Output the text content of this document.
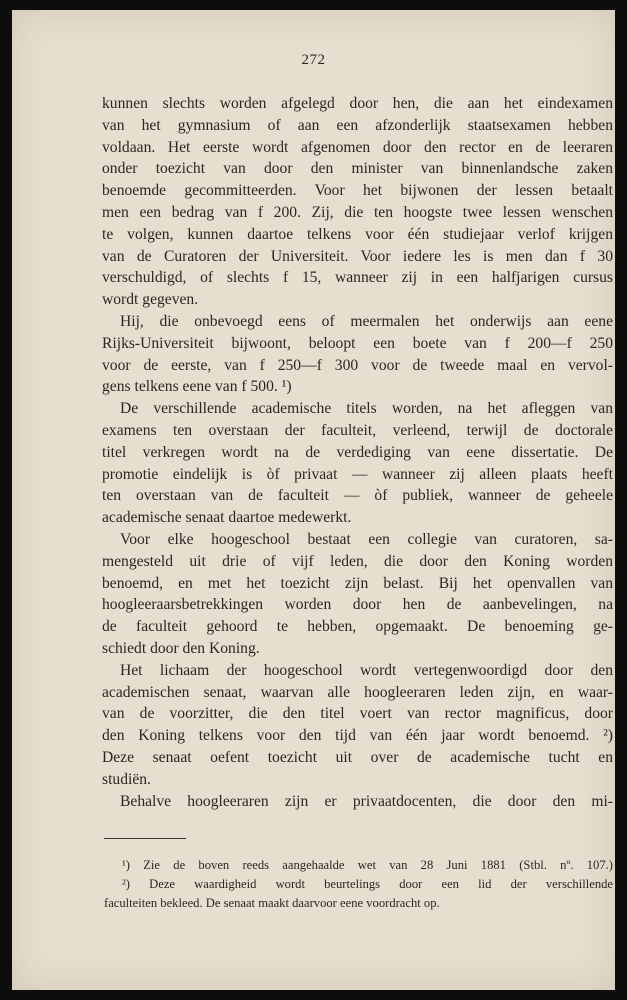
272
kunnen slechts worden afgelegd door hen, die aan het eindexamen
van het gymnasium of aan een afzonderlijk staatsexamen hebben
voldaan. Het eerste wordt afgenomen door den rector en de leeraren
onder toezicht van door den minister van binnenlandsche zaken
benoemde gecommitteerden. Voor het bijwonen der lessen betaalt
men een bedrag van f 200. Zij, die ten hoogste twee lessen wenschen
te volgen, kunnen daartoe telkens voor één studiejaar verlof krijgen
van de Curatoren der Universiteit. Voor iedere les is men dan f 30
verschuldigd, of slechts f 15, wanneer zij in een halfjarigen cursus
wordt gegeven.
Hij, die onbevoegd eens of meermalen het onderwijs aan eene
Rijks-Universiteit bijwoont, beloopt een boete van f 200—f 250
voor de eerste, van f 250—f 300 voor de tweede maal en vervol-
gens telkens eene van f 500. ¹)
De verschillende academische titels worden, na het afleggen van
examens ten overstaan der faculteit, verleend, terwijl de doctorale
titel verkregen wordt na de verdediging van eene dissertatie. De
promotie eindelijk is òf privaat — wanneer zij alleen plaats heeft
ten overstaan van de faculteit — òf publiek, wanneer de geheele
academische senaat daartoe medewerkt.
Voor elke hoogeschool bestaat een collegie van curatoren, sa-
mengesteld uit drie of vijf leden, die door den Koning worden
benoemd, en met het toezicht zijn belast. Bij het openvallen van
hoogleeraarsbetrekkingen worden door hen de aanbevelingen, na
de faculteit gehoord te hebben, opgemaakt. De benoeming ge-
schiedt door den Koning.
Het lichaam der hoogeschool wordt vertegenwoordigd door den
academischen senaat, waarvan alle hoogleeraren leden zijn, en waar-
van de voorzitter, die den titel voert van rector magnificus, door
den Koning telkens voor den tijd van één jaar wordt benoemd. ²)
Deze senaat oefent toezicht uit over de academische tucht en
studiën.
Behalve hoogleeraren zijn er privaatdocenten, die door den mi-
¹) Zie de boven reeds aangehaalde wet van 28 Juni 1881 (Stbl. nº. 107.)
²) Deze waardigheid wordt beurtelings door een lid der verschillende
faculteiten bekleed. De senaat maakt daarvoor eene voordracht op.
